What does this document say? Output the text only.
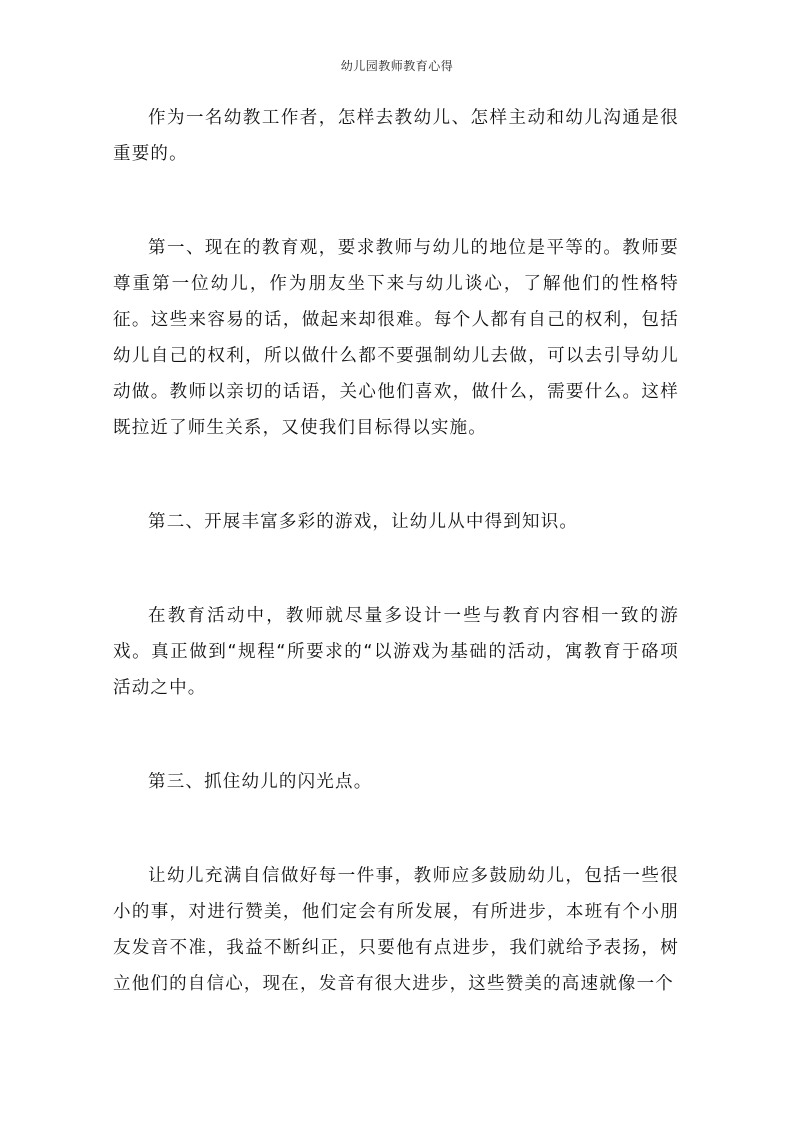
幼儿园教师教育心得

作为一名幼教工作者，怎样去教幼儿、怎样主动和幼儿沟通是很重要的。

第一、现在的教育观，要求教师与幼儿的地位是平等的。教师要尊重第一位幼儿，作为朋友坐下来与幼儿谈心，了解他们的性格特征。这些来容易的话，做起来却很难。每个人都有自己的权利，包括幼儿自己的权利，所以做什么都不要强制幼儿去做，可以去引导幼儿动做。教师以亲切的话语，关心他们喜欢，做什么，需要什么。这样既拉近了师生关系，又使我们目标得以实施。

第二、开展丰富多彩的游戏，让幼儿从中得到知识。

在教育活动中，教师就尽量多设计一些与教育内容相一致的游戏。真正做到“规程“所要求的“以游戏为基础的活动，寓教育于硌项活动之中。

第三、抓住幼儿的闪光点。

让幼儿充满自信做好每一件事，教师应多鼓励幼儿，包括一些很小的事，对进行赞美，他们定会有所发展，有所进步，本班有个小朋友发音不准，我益不断纠正，只要他有点进步，我们就给予表扬，树立他们的自信心，现在，发音有很大进步，这些赞美的高速就像一个
